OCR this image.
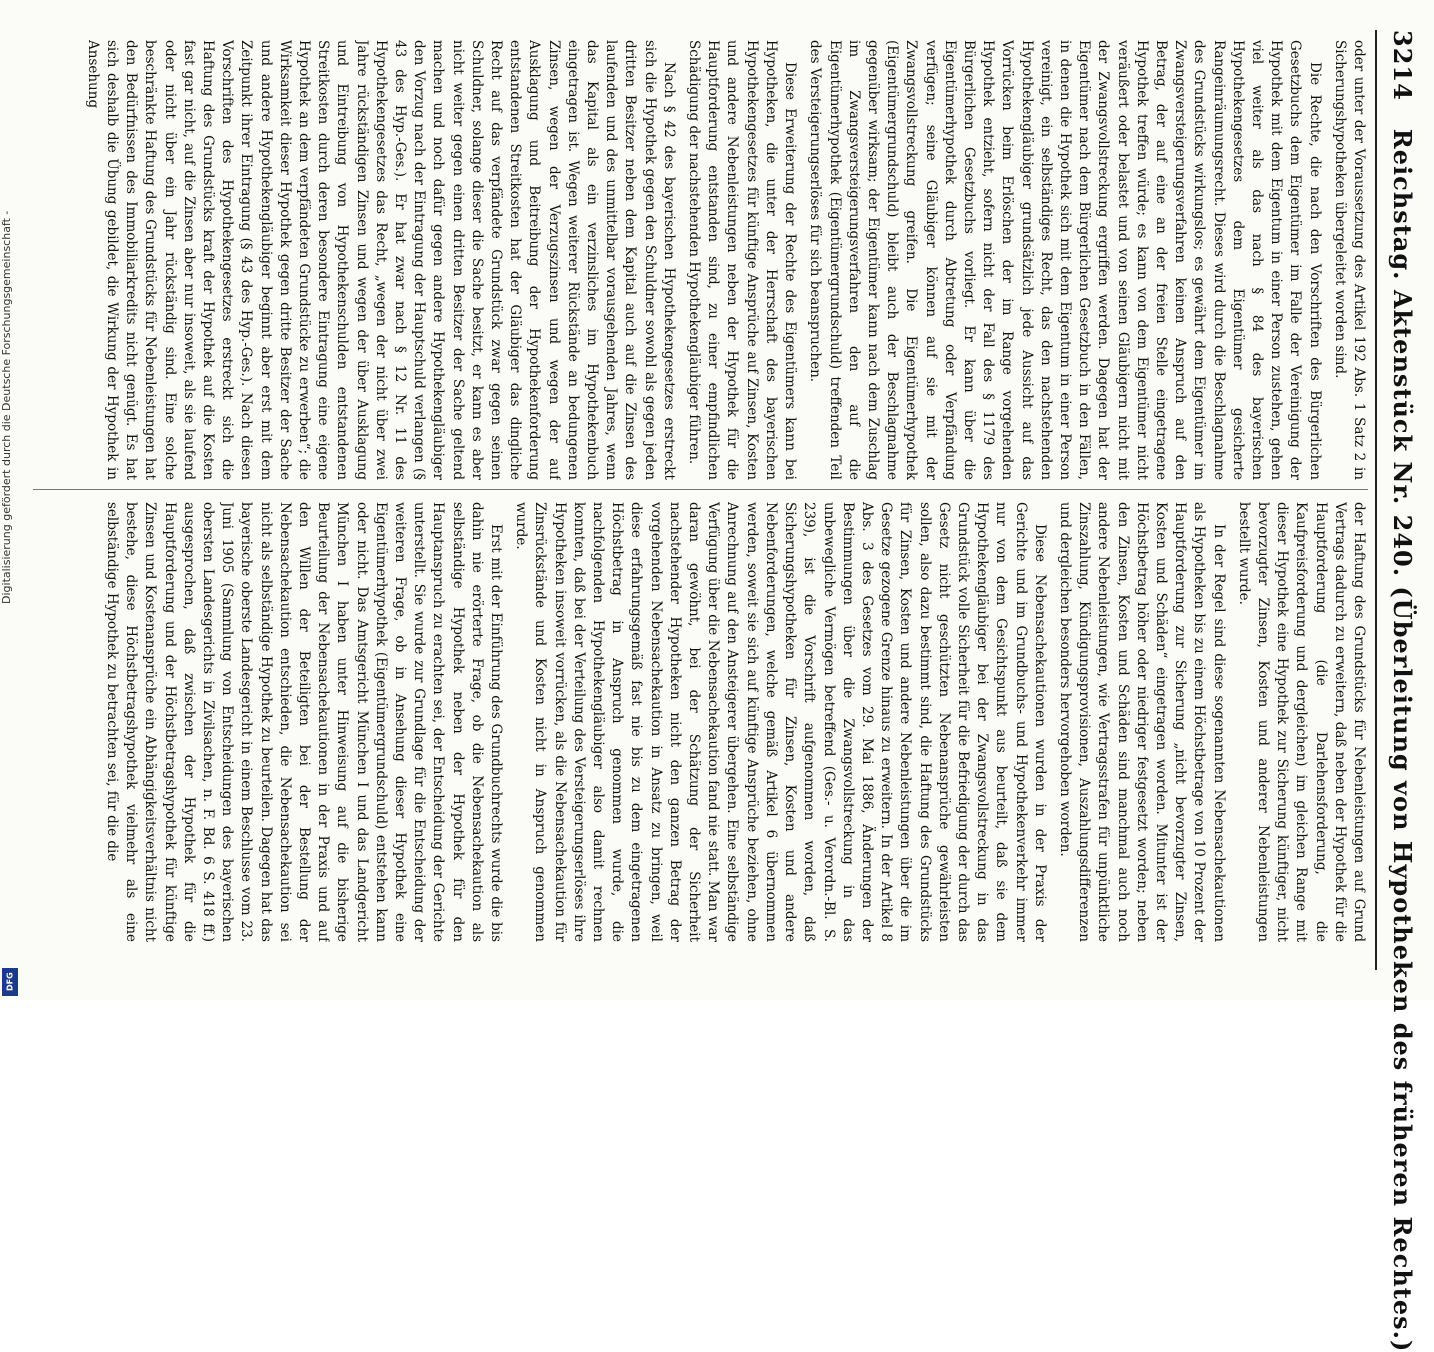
3214
Reichstag. Aktenstück Nr. 240. (Überleitung von Hypotheken des früheren Rechtes.)

oder unter der Voraussetzung des Artikel 192 Abs. 1 Satz 2 in Sicherungshypotheken übergeleitet worden sind.

Die Rechte, die nach den Vorschriften des Bürgerlichen Gesetzbuchs dem Eigentümer im Falle der Vereinigung der Hypothek mit dem Eigentum in einer Person zustehen, gehen viel weiter als das nach § 84 des bayerischen Hypothekengesetzes dem Eigentümer gesicherte Rangeinräumungsrecht. Dieses wird durch die Beschlagnahme des Grundstücks wirkungslos; es gewährt dem Eigentümer im Zwangsversteigerungsverfahren keinen Anspruch auf den Betrag, der auf eine an der freien Stelle eingetragene Hypothek treffen würde; es kann von dem Eigentümer nicht veräußert oder belastet und von seinen Gläubigern nicht mit der Zwangsvollstreckung ergriffen werden. Dagegen hat der Eigentümer nach dem Bürgerlichen Gesetzbuch in den Fällen, in denen die Hypothek sich mit dem Eigentum in einer Person vereinigt, ein selbständiges Recht, das den nachstehenden Hypothekengläubiger grundsätzlich jede Aussicht auf das Vorrücken beim Erlöschen der im Range vorgehenden Hypothek entzieht, sofern nicht der Fall des § 1179 des Bürgerlichen Gesetzbuchs vorliegt. Er kann über die Eigentümerhypothek durch Abtretung oder Verpfändung verfügen; seine Gläubiger können auf sie mit der Zwangsvollstreckung greifen. Die Eigentümerhypothek (Eigentümergrundschuld) bleibt auch der Beschlagnahme gegenüber wirksam; der Eigentümer kann nach dem Zuschlag im Zwangsversteigerungsverfahren den auf die Eigentümerhypothek (Eigentümergrundschuld) treffenden Teil des Versteigerungserlöses für sich beanspruchen.

Diese Erweiterung der Rechte des Eigentümers kann bei Hypotheken, die unter der Herrschaft des bayerischen Hypothekengesetzes für künftige Ansprüche auf Zinsen, Kosten und andere Nebenleistungen neben der Hypothek für die Hauptforderung entstanden sind, zu einer empfindlichen Schädigung der nachstehenden Hypothekengläubiger führen.

Nach § 42 des bayerischen Hypothekengesetzes erstreckt sich die Hypothek gegen den Schuldner sowohl als gegen jeden dritten Besitzer neben dem Kapital auch auf die Zinsen des laufenden und des unmittelbar vorausgehenden Jahres, wenn das Kapital als ein verzinsliches im Hypothekenbuch eingetragen ist. Wegen weiterer Rückstände an bedungenen Zinsen, wegen der Verzugszinsen und wegen der auf Ausklagung und Beitreibung der Hypothekenforderung entstandenen Streitkosten hat der Gläubiger das dingliche Recht auf das verpfändete Grundstück zwar gegen seinen Schuldner, solange dieser die Sache besitzt, er kann es aber nicht weiter gegen einen dritten Besitzer der Sache geltend machen und noch dafür gegen andere Hypothekengläubiger den Vorzug nach der Eintragung der Hauptschuld verlangen (§ 43 des Hyp.-Ges.). Er hat zwar nach § 12 Nr. 11 des Hypothekengesetzes das Recht, „wegen der nicht über zwei Jahre rückständigen Zinsen und wegen der über Ausklagung und Eintreibung von Hypothekenschulden entstandenen Streitkosten durch deren besondere Eintragung eine eigene Hypothek an dem verpfändeten Grundstücke zu erwerben“; die Wirksamkeit dieser Hypothek gegen dritte Besitzer der Sache und andere Hypothekengläubiger beginnt aber erst mit dem Zeitpunkt ihrer Eintragung (§ 43 des Hyp.-Ges.). Nach diesen Vorschriften des Hypothekengesetzes erstreckt sich die Haftung des Grundstücks kraft der Hypothek auf die Kosten fast gar nicht, auf die Zinsen aber nur insoweit, als sie laufend oder nicht über ein Jahr rückständig sind. Eine solche beschränkte Haftung des Grundstücks für Nebenleistungen hat den Bedürfnissen des Immobiliarkredits nicht genügt. Es hat sich deshalb die Übung gebildet, die Wirkung der Hypothek in Ansehung

der Haftung des Grundstücks für Nebenleistungen auf Grund Vertrags dadurch zu erweitern, daß neben der Hypothek für die Hauptforderung (die Darlehensforderung, die Kaufpreisforderung und dergleichen) im gleichen Range mit dieser Hypothek eine Hypothek zur Sicherung künftiger, nicht bevorzugter Zinsen, Kosten und anderer Nebenleistungen bestellt wurde.

In der Regel sind diese sogenannten Nebensachekautionen als Hypotheken bis zu einem Höchstbetrage von 10 Prozent der Hauptforderung zur Sicherung „nicht bevorzugter Zinsen, Kosten und Schäden“ eingetragen worden. Mitunter ist der Höchstbetrag höher oder niedriger festgesetzt worden; neben den Zinsen, Kosten und Schäden sind manchmal auch noch andere Nebenleistungen, wie Vertragsstrafen für unpünktliche Zinszahlung, Kündigungsprovisionen, Auszahlungsdifferenzen und dergleichen besonders hervorgehoben worden.

Diese Nebensachekautionen wurden in der Praxis der Gerichte und im Grundbuchs- und Hypothekenverkehr immer nur von dem Gesichtspunkt aus beurteilt, daß sie dem Hypothekengläubiger bei der Zwangsvollstreckung in das Grundstück volle Sicherheit für die Befriedigung der durch das Gesetz nicht geschützten Nebenansprüche gewährleisten sollen, also dazu bestimmt sind, die Haftung des Grundstücks für Zinsen, Kosten und andere Nebenleistungen über die im Gesetze gezogene Grenze hinaus zu erweitern. In der Artikel 8 Abs. 3 des Gesetzes vom 29. Mai 1886, Änderungen der Bestimmungen über die Zwangsvollstreckung in das unbewegliche Vermögen betreffend (Ges.- u. Verordn.-Bl. S. 239), ist die Vorschrift aufgenommen worden, daß Sicherungshypotheken für Zinsen, Kosten und andere Nebenforderungen, welche gemäß Artikel 6 übernommen werden, soweit sie sich auf künftige Ansprüche beziehen, ohne Anrechnung auf den Ansteigerer übergehen. Eine selbständige Verfügung über die Nebensachekaution fand nie statt. Man war daran gewöhnt, bei der Schätzung der Sicherheit nachstehender Hypotheken nicht den ganzen Betrag der vorgehenden Nebensachekaution in Ansatz zu bringen, weil diese erfahrungsgemäß fast nie bis zu dem eingetragenen Höchstbetrag in Anspruch genommen wurde, die nachfolgenden Hypothekengläubiger also damit rechnen konnten, daß bei der Verteilung des Versteigerungserlöses ihre Hypotheken insoweit vorrücken, als die Nebensachekaution für Zinsrückstände und Kosten nicht in Anspruch genommen wurde.

Erst mit der Einführung des Grundbuchrechts wurde die bis dahin nie erörterte Frage, ob die Nebensachekaution als selbständige Hypothek neben der Hypothek für den Hauptanspruch zu erachten sei, der Entscheidung der Gerichte unterstellt. Sie wurde zur Grundlage für die Entscheidung der weiteren Frage, ob in Ansehung dieser Hypothek eine Eigentümerhypothek (Eigentümergrundschuld) entstehen kann oder nicht. Das Amtsgericht München I und das Landgericht München I haben unter Hinweisung auf die bisherige Beurteilung der Nebensachekautionen in der Praxis und auf den Willen der Beteiligten bei der Bestellung der Nebensachekaution entschieden, die Nebensachekaution sei nicht als selbständige Hypothek zu beurteilen. Dagegen hat das bayerische oberste Landesgericht in einem Beschlusse vom 23. Juni 1905 (Sammlung von Entscheidungen des bayerischen obersten Landesgerichts in Zivilsachen, n. F. Bd. 6 S. 418 ff.) ausgesprochen, daß zwischen der Hypothek für die Hauptforderung und der Höchstbetragshypothek für künftige Zinsen und Kostenansprüche ein Abhängigkeitsverhältnis nicht bestehe, diese Höchstbetragshypothek vielmehr als eine selbständige Hypothek zu betrachten sei, für die die

Digitalisierung gefördert durch die Deutsche Forschungsgemeinschaft -
DFG
